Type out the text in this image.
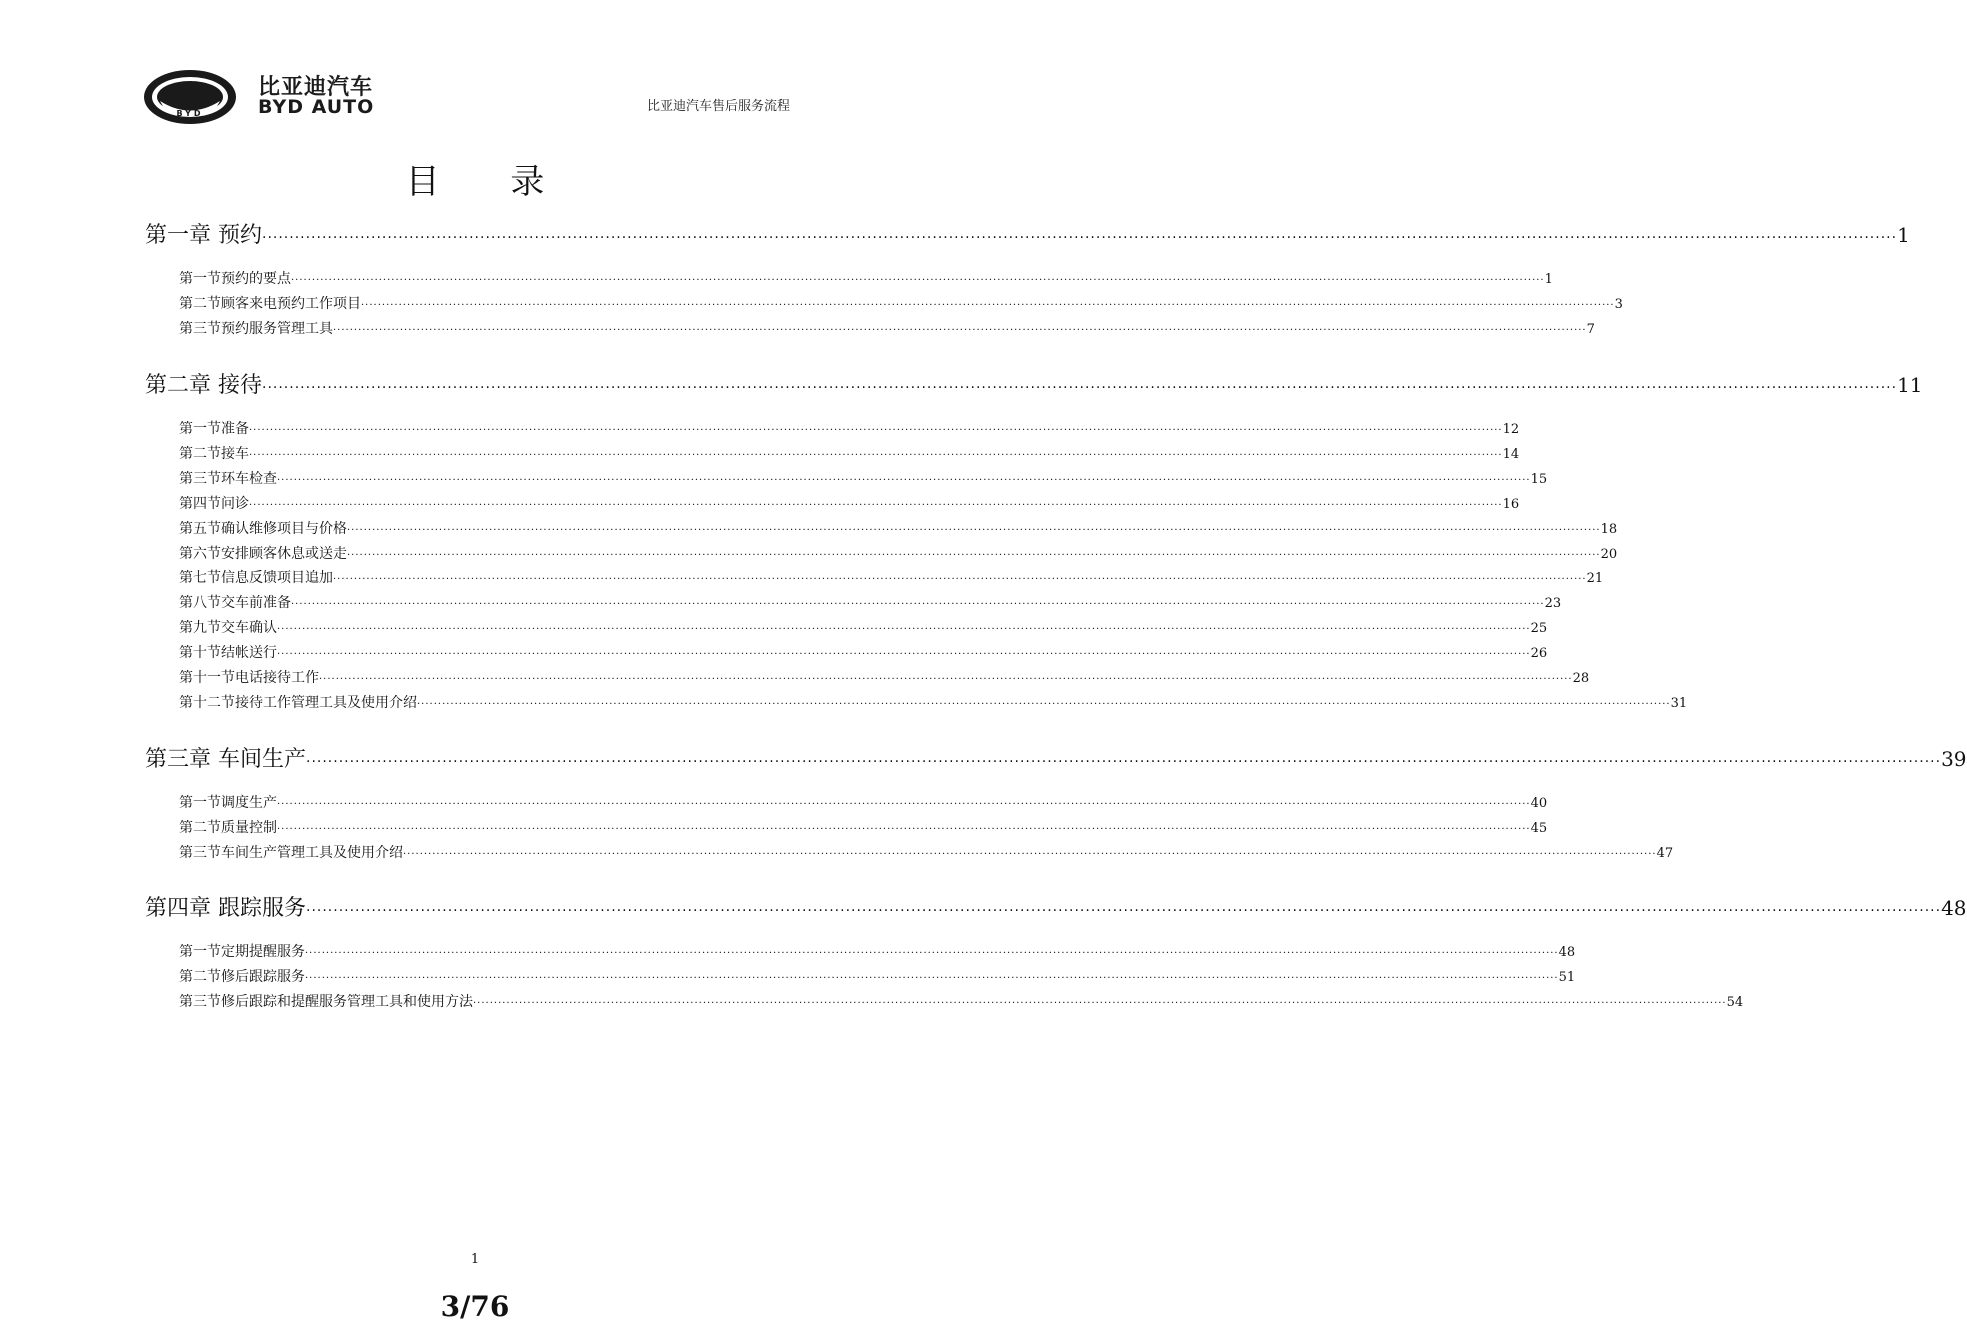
BYD
比亚迪汽车
BYD AUTO	比亚迪汽车售后服务流程
目 录
第一章 预约 ············································································································································································································································································································ 1
第一节 预约的要点 ············································································································································································································································································································ 1
第二节 顾客来电预约工作项目 ············································································································································································································································································································ 3
第三节 预约服务管理工具 ············································································································································································································································································································ 7
第二章 接待 ············································································································································································································································································································ 11
第一节 准备 ············································································································································································································································································································ 12
第二节 接车 ············································································································································································································································································································ 14
第三节 环车检查 ············································································································································································································································································································ 15
第四节 问诊 ············································································································································································································································································································ 16
第五节 确认维修项目与价格 ············································································································································································································································································································ 18
第六节 安排顾客休息或送走 ············································································································································································································································································································ 20
第七节 信息反馈项目追加 ············································································································································································································································································································ 21
第八节 交车前准备 ············································································································································································································································································································ 23
第九节 交车确认 ············································································································································································································································································································ 25
第十节 结帐送行 ············································································································································································································································································································ 26
第十一节 电话接待工作 ············································································································································································································································································································ 28
第十二节 接待工作管理工具及使用介绍 ············································································································································································································································································································ 31
第三章 车间生产 ············································································································································································································································································································ 39
第一节 调度生产 ············································································································································································································································································································ 40
第二节 质量控制 ············································································································································································································································································································ 45
第三节 车间生产管理工具及使用介绍 ············································································································································································································································································································ 47
第四章 跟踪服务 ············································································································································································································································································································ 48
第一节 定期提醒服务 ············································································································································································································································································································ 48
第二节 修后跟踪服务 ············································································································································································································································································································ 51
第三节 修后跟踪和提醒服务管理工具和使用方法 ············································································································································································································································································································ 54
1
3/76
